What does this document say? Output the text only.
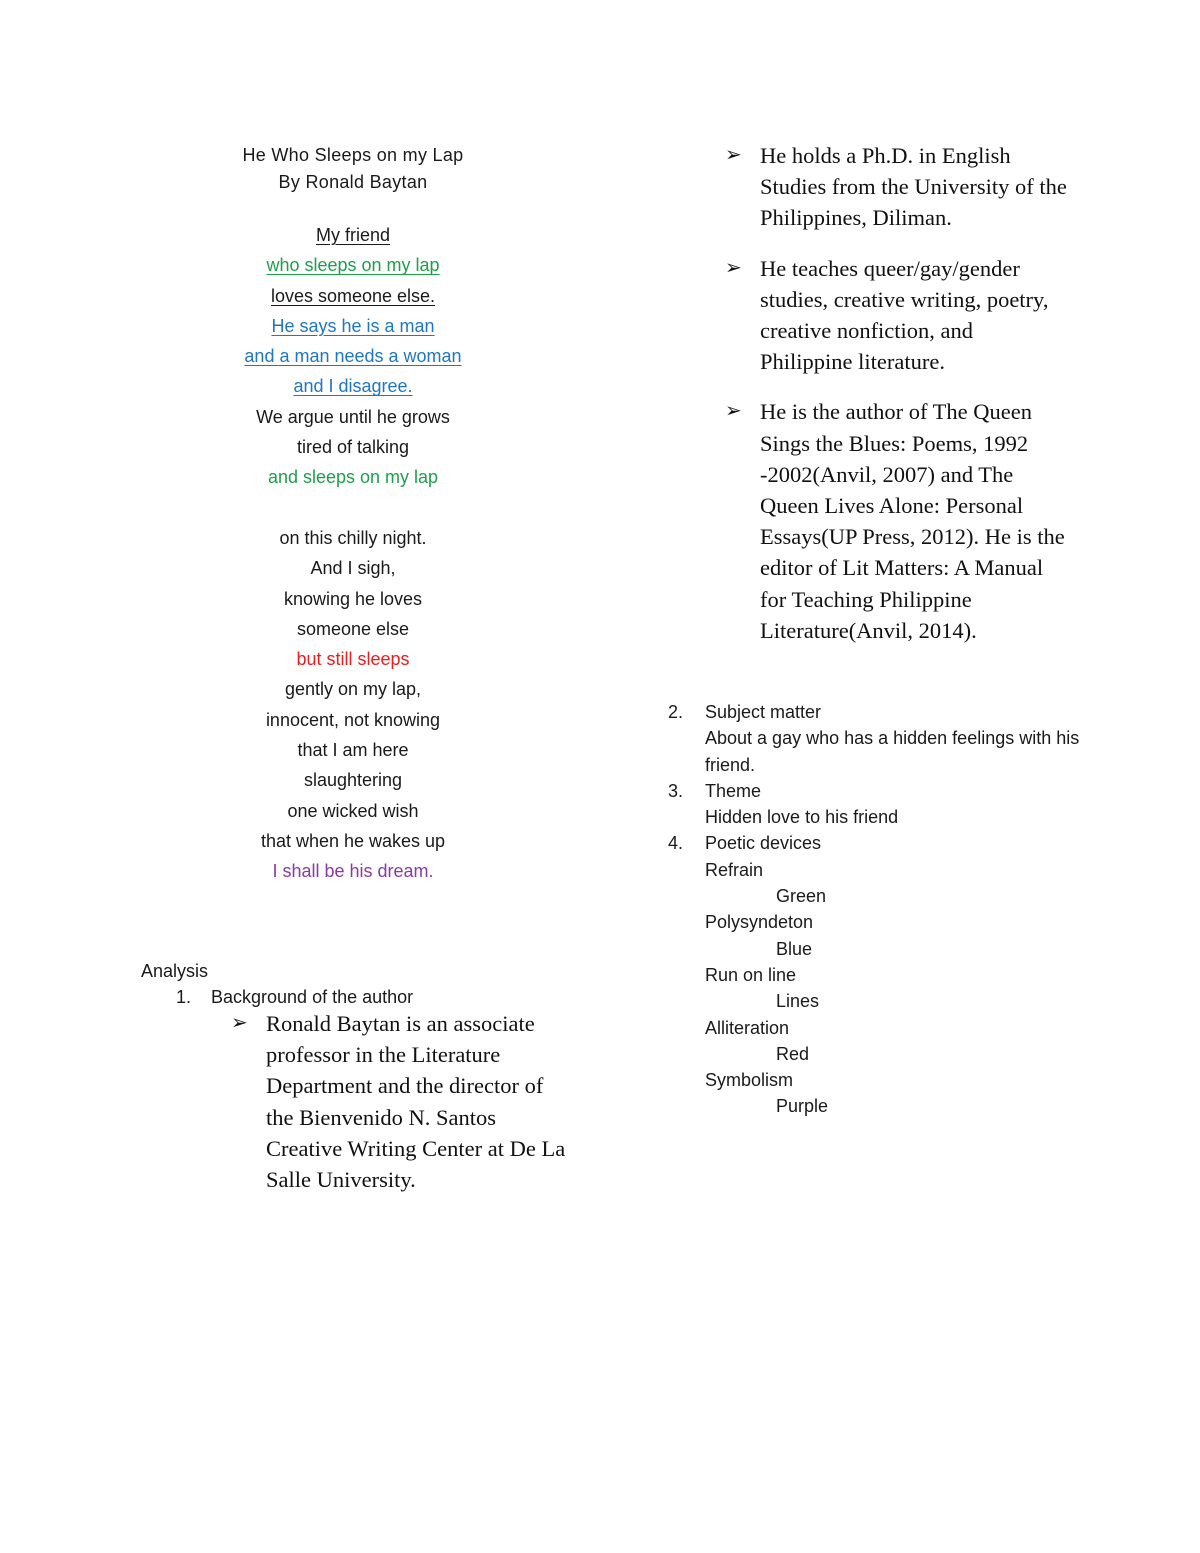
He Who Sleeps on my Lap
By Ronald Baytan
My friend
who sleeps on my lap
loves someone else.
He says he is a man
and a man needs a woman
and I disagree.
We argue until he grows
tired of talking
and sleeps on my lap
on this chilly night.
And I sigh,
knowing he loves
someone else
but still sleeps
gently on my lap,
innocent, not knowing
that I am here
slaughtering
one wicked wish
that when he wakes up
I shall be his dream.
Analysis
1. Background of the author
➢ Ronald Baytan is an associate professor in the Literature Department and the director of the Bienvenido N. Santos Creative Writing Center at De La Salle University.
➢ He holds a Ph.D. in English Studies from the University of the Philippines, Diliman.
➢ He teaches queer/gay/gender studies, creative writing, poetry, creative nonfiction, and Philippine literature.
➢ He is the author of The Queen Sings the Blues: Poems, 1992 -2002(Anvil, 2007) and The Queen Lives Alone: Personal Essays(UP Press, 2012). He is the editor of Lit Matters: A Manual for Teaching Philippine Literature(Anvil, 2014).
2. Subject matter
About a gay who has a hidden feelings with his friend.
3. Theme
Hidden love to his friend
4. Poetic devices
Refrain
Green
Polysyndeton
Blue
Run on line
Lines
Alliteration
Red
Symbolism
Purple
